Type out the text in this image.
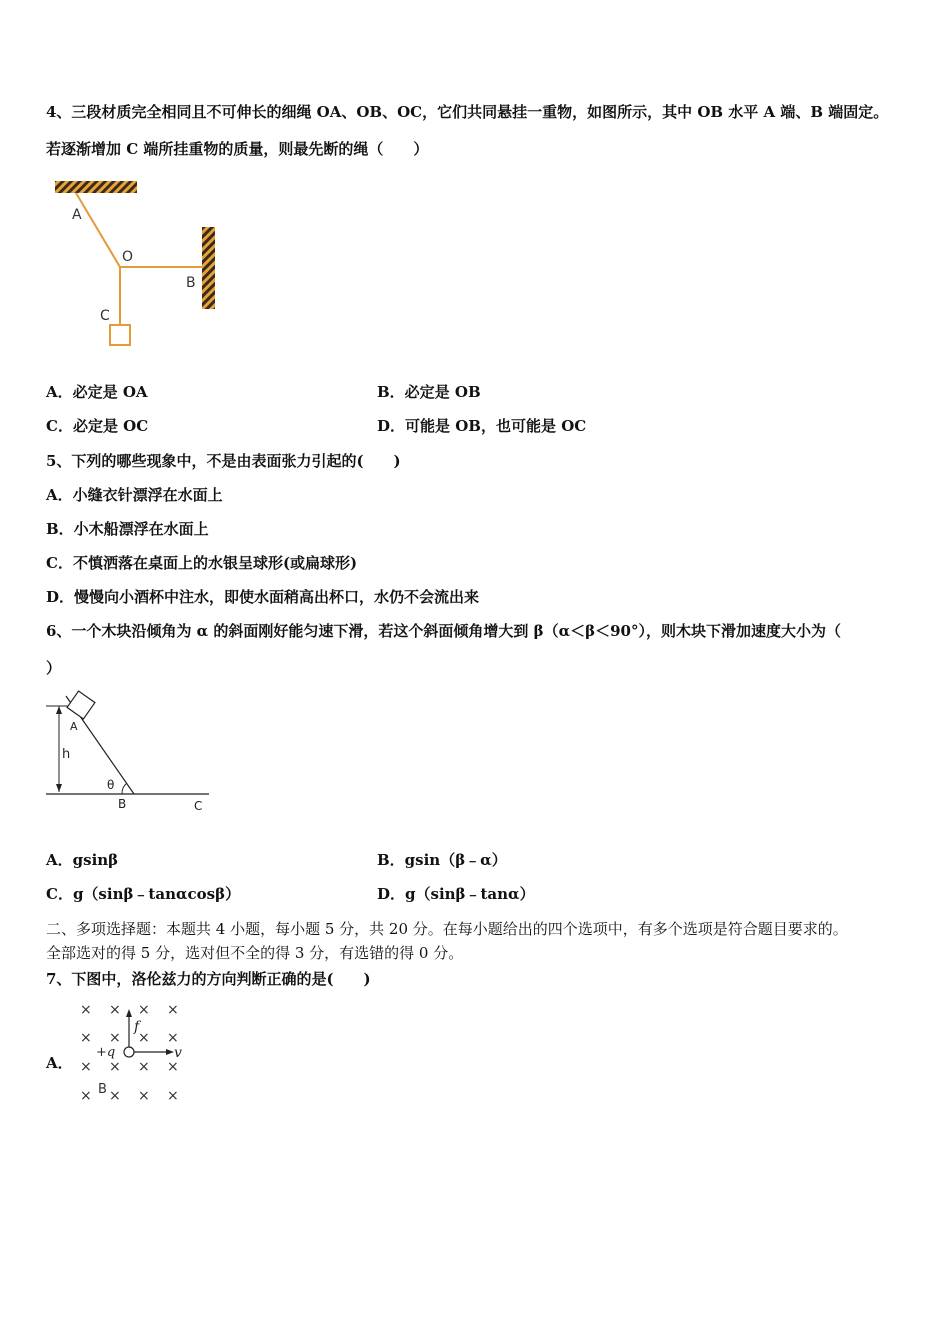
4、三段材质完全相同且不可伸长的细绳 OA、OB、OC，它们共同悬挂一重物，如图所示，其中 OB 水平 A 端、B 端固定。
若逐渐增加 C 端所挂重物的质量，则最先断的绳（　　）
A
O
B
C
A．必定是 OA	B．必定是 OB
C．必定是 OC	D．可能是 OB，也可能是 OC
5、下列的哪些现象中，不是由表面张力引起的(　　)
A．小缝衣针漂浮在水面上
B．小木船漂浮在水面上
C．不慎洒落在桌面上的水银呈球形(或扁球形)
D．慢慢向小酒杯中注水，即使水面稍高出杯口，水仍不会流出来
6、一个木块沿倾角为 α 的斜面刚好能匀速下滑，若这个斜面倾角增大到 β（α＜β＜90°），则木块下滑加速度大小为（
）
A
h
θ
B	C
A．gsinβ	B．gsin（β﹣α）
C．g（sinβ﹣tanαcosβ）	D．g（sinβ﹣tanα）
二、多项选择题：本题共 4 小题，每小题 5 分，共 20 分。在每小题给出的四个选项中，有多个选项是符合题目要求的。
全部选对的得 5 分，选对但不全的得 3 分，有选错的得 0 分。
7、下图中，洛伦兹力的方向判断正确的是(　　)
A．
× × × ×
× × × ×
× × × ×
× × × ×
f
+q	v
B
